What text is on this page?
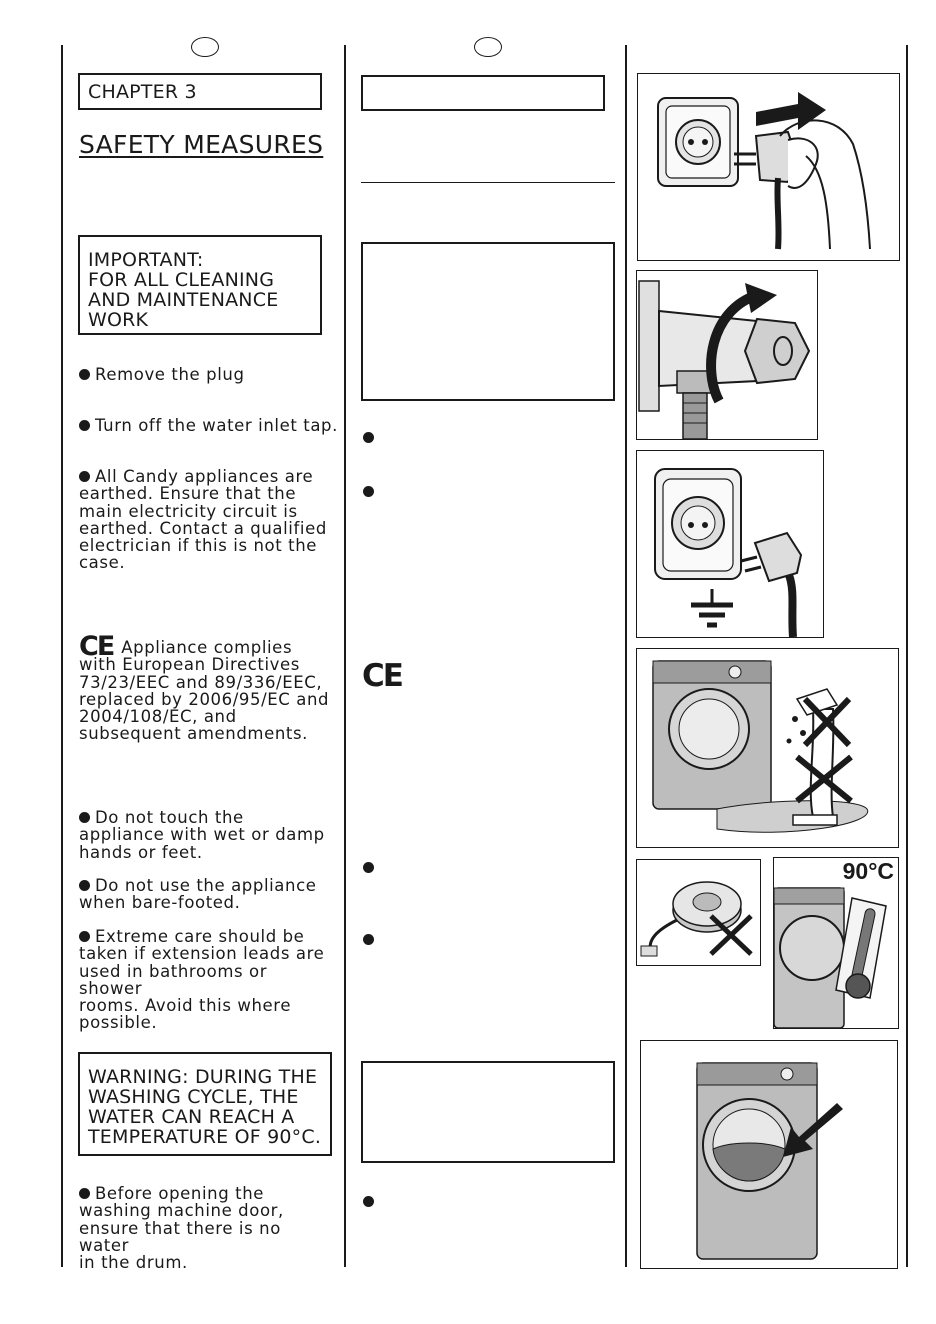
CHAPTER 3
SAFETY MEASURES
IMPORTANT:
FOR ALL CLEANING
AND MAINTENANCE
WORK
Remove the plug
Turn off the water inlet tap.
All Candy appliances are
earthed. Ensure that the
main electricity circuit is
earthed. Contact a qualified
electrician if this is not the
case.
CE Appliance complies
with European Directives
73/23/EEC and 89/336/EEC,
replaced by 2006/95/EC and
2004/108/EC, and
subsequent amendments.
Do not touch the
appliance with wet or damp
hands or feet.
Do not use the appliance
when bare-footed.
Extreme care should be
taken if extension leads are
used in bathrooms or shower
rooms. Avoid this where
possible.
WARNING: DURING THE
WASHING CYCLE, THE
WATER CAN REACH A
TEMPERATURE OF 90°C.
Before opening the
washing machine door,
ensure that there is no water
in the drum.
CE
90°C
